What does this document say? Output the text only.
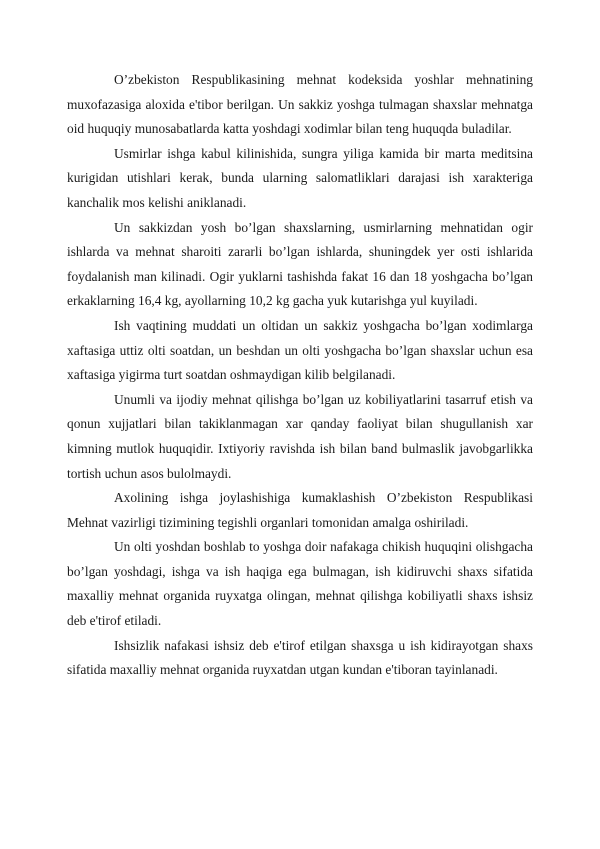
O’zbekiston Respublikasining mehnat kodeksida yoshlar mehnatining muxofazasiga aloxida e'tibor berilgan. Un sakkiz yoshga tulmagan shaxslar mehnatga oid huquqiy munosabatlarda katta yoshdagi xodimlar bilan teng huquqda buladilar.

Usmirlar ishga kabul kilinishida, sungra yiliga kamida bir marta meditsina kurigidan utishlari kerak, bunda ularning salomatliklari darajasi ish xarakteriga kanchalik mos kelishi aniklanadi.

Un sakkizdan yosh bo’lgan shaxslarning, usmirlarning mehnatidan ogir ishlarda va mehnat sharoiti zararli bo’lgan ishlarda, shuningdek yer osti ishlarida foydalanish man kilinadi. Ogir yuklarni tashishda fakat 16 dan 18 yoshgacha bo’lgan erkaklarning 16,4 kg, ayollarning 10,2 kg gacha yuk kutarishga yul kuyiladi.

Ish vaqtining muddati un oltidan un sakkiz yoshgacha bo’lgan xodimlarga xaftasiga uttiz olti soatdan, un beshdan un olti yoshgacha bo’lgan shaxslar uchun esa xaftasiga yigirma turt soatdan oshmaydigan kilib belgilanadi.

Unumli va ijodiy mehnat qilishga bo’lgan uz kobiliyatlarini tasarruf etish va qonun xujjatlari bilan takiklanmagan xar qanday faoliyat bilan shugullanish xar kimning mutlok huquqidir. Ixtiyoriy ravishda ish bilan band bulmaslik javobgarlikka tortish uchun asos bulolmaydi.

Axolining ishga joylashishiga kumaklashish O’zbekiston Respublikasi Mehnat vazirligi tizimining tegishli organlari tomonidan amalga oshiriladi.

Un olti yoshdan boshlab to yoshga doir nafakaga chikish huquqini olishgacha bo’lgan yoshdagi, ishga va ish haqiga ega bulmagan, ish kidiruvchi shaxs sifatida maxalliy mehnat organida ruyxatga olingan, mehnat qilishga kobiliyatli shaxs ishsiz deb e'tirof etiladi.

Ishsizlik nafakasi ishsiz deb e'tirof etilgan shaxsga u ish kidirayotgan shaxs sifatida maxalliy mehnat organida ruyxatdan utgan kundan e'tiboran tayinlanadi.
